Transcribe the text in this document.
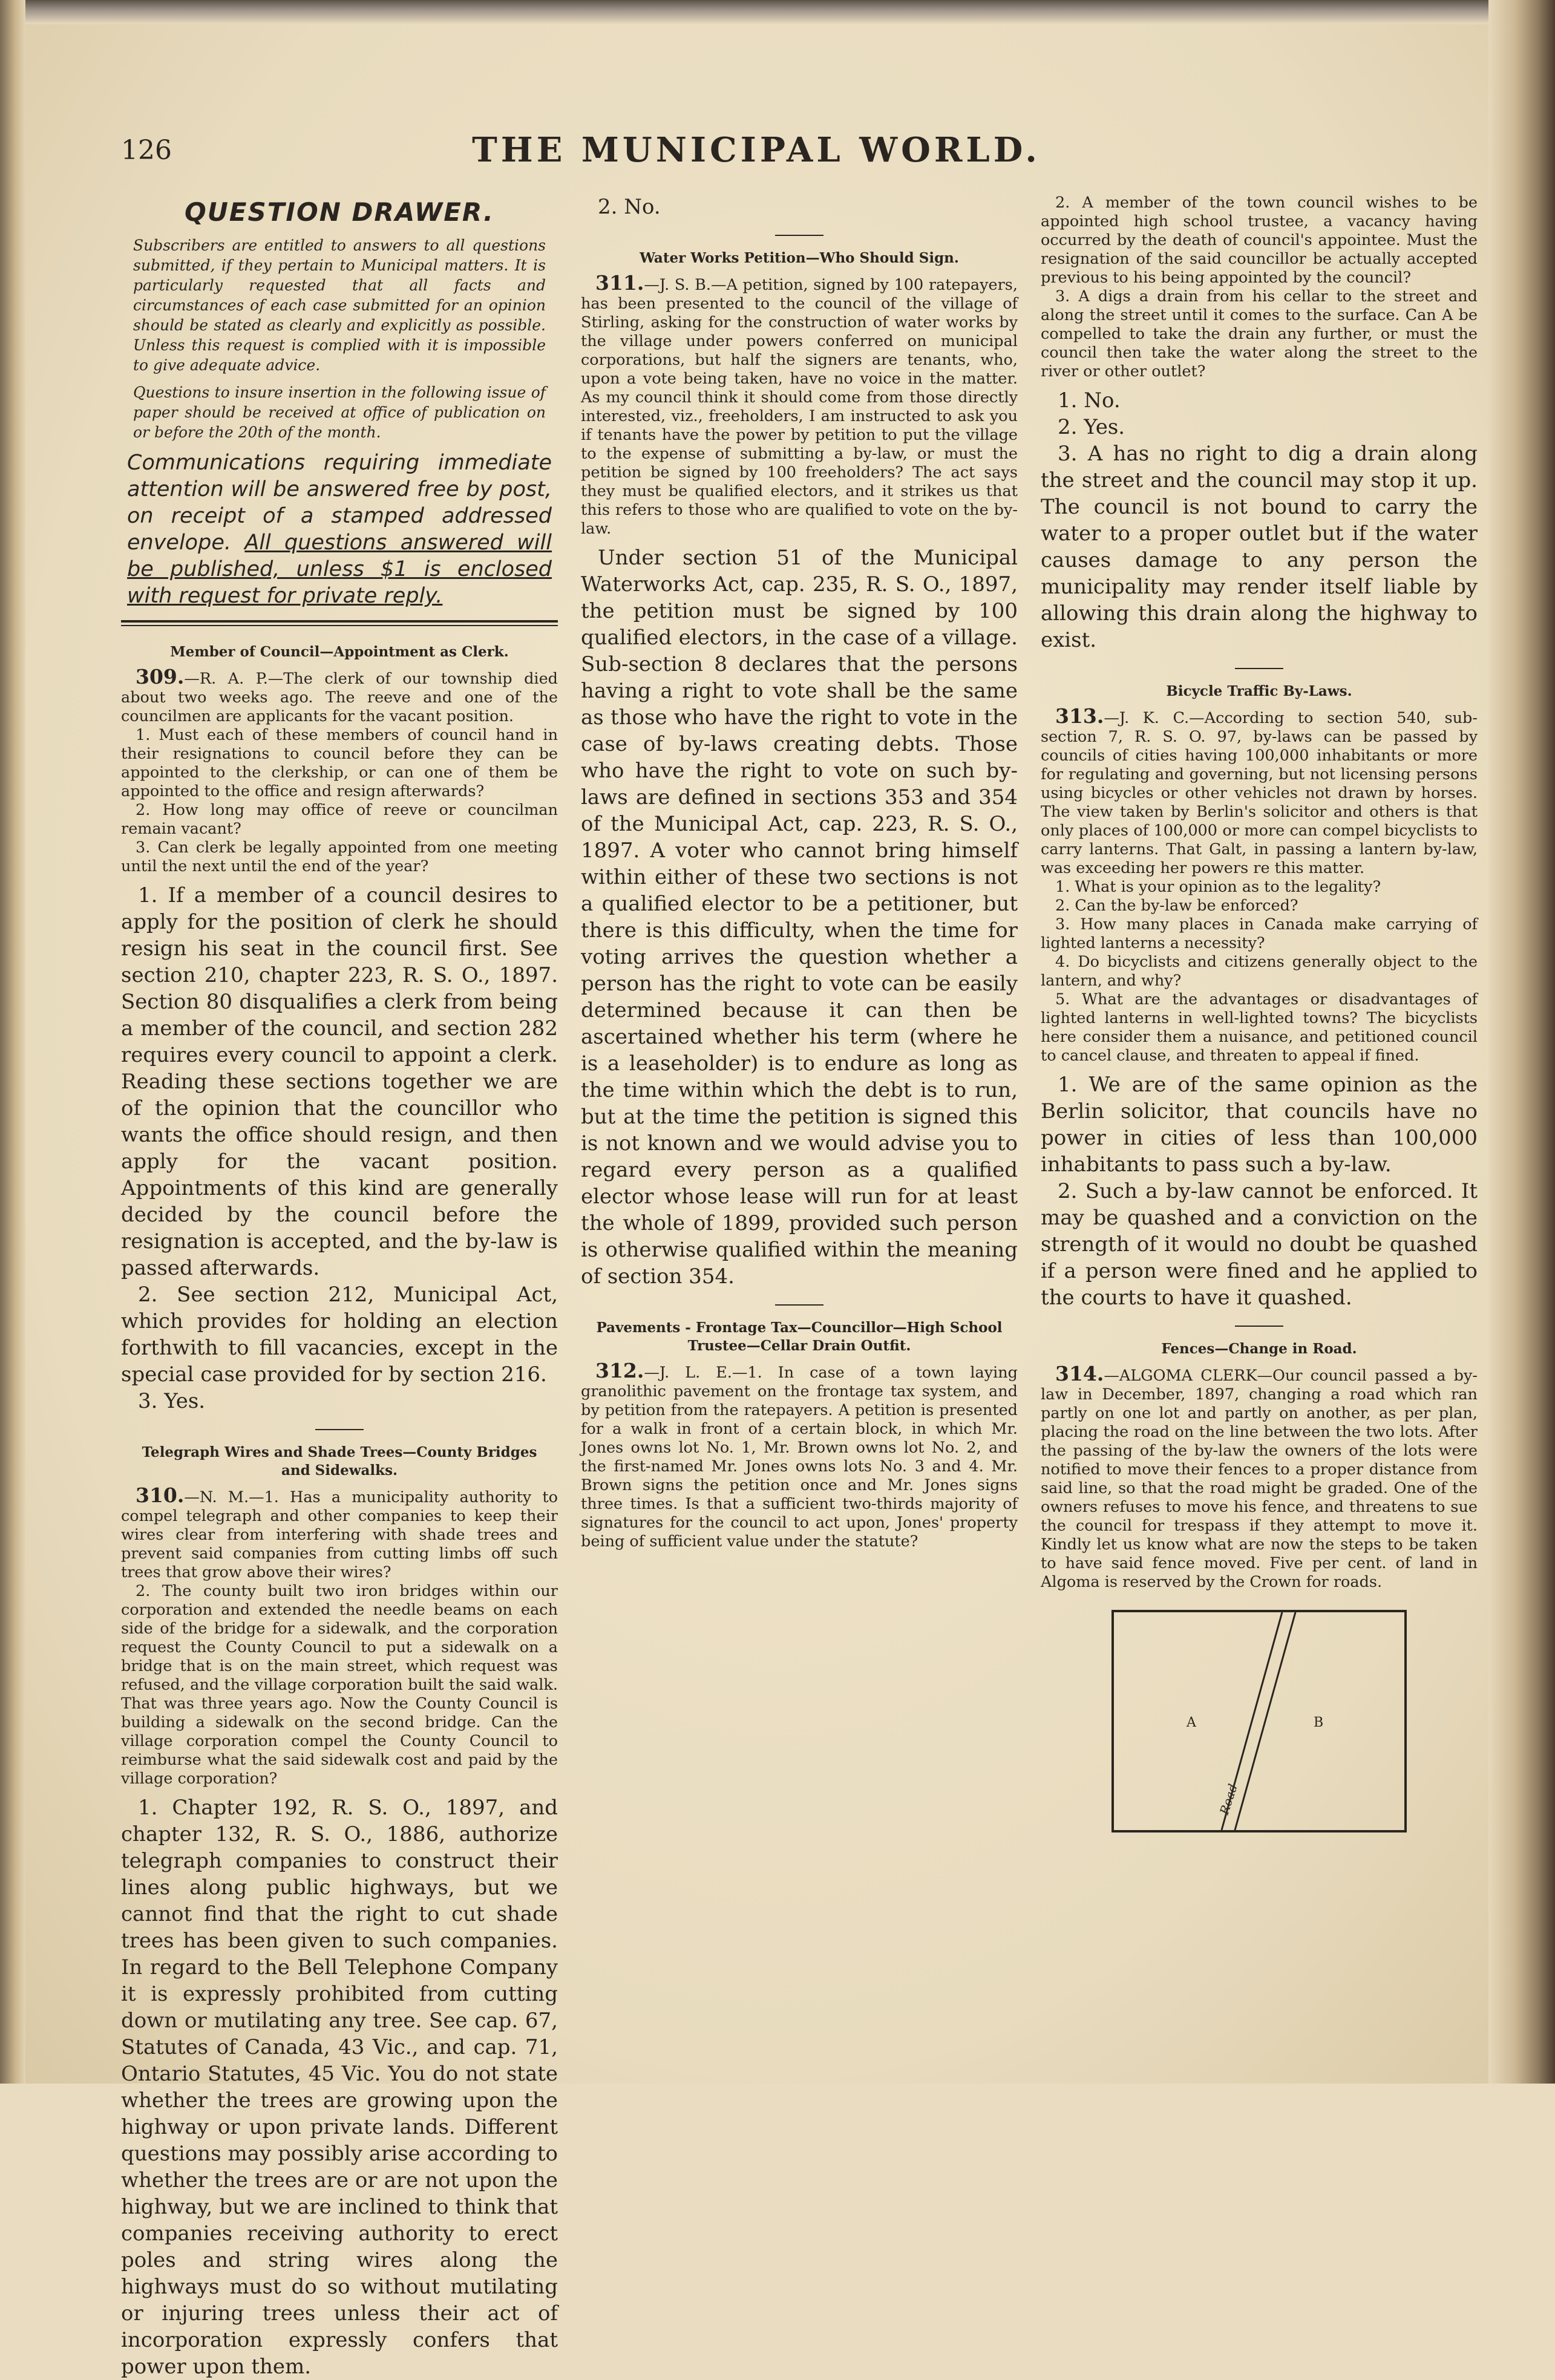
126	THE MUNICIPAL WORLD.
QUESTION DRAWER.

Subscribers are entitled to answers to all questions submitted, if they pertain to Municipal matters. It is particularly requested that all facts and circumstances of each case submitted for an opinion should be stated as clearly and explicitly as possible. Unless this request is complied with it is impossible to give adequate advice.

Questions to insure insertion in the following issue of paper should be received at office of publication on or before the 20th of the month.

Communications requiring immediate attention will be answered free by post, on receipt of a stamped addressed envelope. All questions answered will be published, unless $1 is enclosed with request for private reply.

Member of Council—Appointment as Clerk.

309.—R. A. P.—The clerk of our township died about two weeks ago. The reeve and one of the councilmen are applicants for the vacant position.

1. Must each of these members of council hand in their resignations to council before they can be appointed to the clerkship, or can one of them be appointed to the office and resign afterwards?

2. How long may office of reeve or councilman remain vacant?

3. Can clerk be legally appointed from one meeting until the next until the end of the year?

1. If a member of a council desires to apply for the position of clerk he should resign his seat in the council first. See section 210, chapter 223, R. S. O., 1897. Section 80 disqualifies a clerk from being a member of the council, and section 282 requires every council to appoint a clerk. Reading these sections together we are of the opinion that the councillor who wants the office should resign, and then apply for the vacant position. Appointments of this kind are generally decided by the council before the resignation is accepted, and the by-law is passed afterwards.

2. See section 212, Municipal Act, which provides for holding an election forthwith to fill vacancies, except in the special case provided for by section 216.

3. Yes.

Telegraph Wires and Shade Trees—County Bridges and Sidewalks.

310.—N. M.—1. Has a municipality authority to compel telegraph and other companies to keep their wires clear from interfering with shade trees and prevent said companies from cutting limbs off such trees that grow above their wires?

2. The county built two iron bridges within our corporation and extended the needle beams on each side of the bridge for a sidewalk, and the corporation request the County Council to put a sidewalk on a bridge that is on the main street, which request was refused, and the village corporation built the said walk. That was three years ago. Now the County Council is building a sidewalk on the second bridge. Can the village corporation compel the County Council to reimburse what the said sidewalk cost and paid by the village corporation?

1. Chapter 192, R. S. O., 1897, and chapter 132, R. S. O., 1886, authorize telegraph companies to construct their lines along public highways, but we cannot find that the right to cut shade trees has been given to such companies. In regard to the Bell Telephone Company it is expressly prohibited from cutting down or mutilating any tree. See cap. 67, Statutes of Canada, 43 Vic., and cap. 71, Ontario Statutes, 45 Vic. You do not state whether the trees are growing upon the highway or upon private lands. Different questions may possibly arise according to whether the trees are or are not upon the highway, but we are inclined to think that companies receiving authority to erect poles and string wires along the highways must do so without mutilating or injuring trees unless their act of incorporation expressly confers that power upon them.

2. No.

Water Works Petition—Who Should Sign.

311.—J. S. B.—A petition, signed by 100 ratepayers, has been presented to the council of the village of Stirling, asking for the construction of water works by the village under powers conferred on municipal corporations, but half the signers are tenants, who, upon a vote being taken, have no voice in the matter. As my council think it should come from those directly interested, viz., freeholders, I am instructed to ask you if tenants have the power by petition to put the village to the expense of submitting a by-law, or must the petition be signed by 100 freeholders? The act says they must be qualified electors, and it strikes us that this refers to those who are qualified to vote on the by-law.

Under section 51 of the Municipal Waterworks Act, cap. 235, R. S. O., 1897, the petition must be signed by 100 qualified electors, in the case of a village. Sub-section 8 declares that the persons having a right to vote shall be the same as those who have the right to vote in the case of by-laws creating debts. Those who have the right to vote on such by-laws are defined in sections 353 and 354 of the Municipal Act, cap. 223, R. S. O., 1897. A voter who cannot bring himself within either of these two sections is not a qualified elector to be a petitioner, but there is this difficulty, when the time for voting arrives the question whether a person has the right to vote can be easily determined because it can then be ascertained whether his term (where he is a leaseholder) is to endure as long as the time within which the debt is to run, but at the time the petition is signed this is not known and we would advise you to regard every person as a qualified elector whose lease will run for at least the whole of 1899, provided such person is otherwise qualified within the meaning of section 354.

Pavements - Frontage Tax—Councillor—High School Trustee—Cellar Drain Outfit.

312.—J. L. E.—1. In case of a town laying granolithic pavement on the frontage tax system, and by petition from the ratepayers. A petition is presented for a walk in front of a certain block, in which Mr. Jones owns lot No. 1, Mr. Brown owns lot No. 2, and the first-named Mr. Jones owns lots No. 3 and 4. Mr. Brown signs the petition once and Mr. Jones signs three times. Is that a sufficient two-thirds majority of signatures for the council to act upon, Jones' property being of sufficient value under the statute?

2. A member of the town council wishes to be appointed high school trustee, a vacancy having occurred by the death of council's appointee. Must the resignation of the said councillor be actually accepted previous to his being appointed by the council?

3. A digs a drain from his cellar to the street and along the street until it comes to the surface. Can A be compelled to take the drain any further, or must the council then take the water along the street to the river or other outlet?

1. No.

2. Yes.

3. A has no right to dig a drain along the street and the council may stop it up. The council is not bound to carry the water to a proper outlet but if the water causes damage to any person the municipality may render itself liable by allowing this drain along the highway to exist.

Bicycle Traffic By-Laws.

313.—J. K. C.—According to section 540, sub-section 7, R. S. O. 97, by-laws can be passed by councils of cities having 100,000 inhabitants or more for regulating and governing, but not licensing persons using bicycles or other vehicles not drawn by horses. The view taken by Berlin's solicitor and others is that only places of 100,000 or more can compel bicyclists to carry lanterns. That Galt, in passing a lantern by-law, was exceeding her powers re this matter.

1. What is your opinion as to the legality?

2. Can the by-law be enforced?

3. How many places in Canada make carrying of lighted lanterns a necessity?

4. Do bicyclists and citizens generally object to the lantern, and why?

5. What are the advantages or disadvantages of lighted lanterns in well-lighted towns? The bicyclists here consider them a nuisance, and petitioned council to cancel clause, and threaten to appeal if fined.

1. We are of the same opinion as the Berlin solicitor, that councils have no power in cities of less than 100,000 inhabitants to pass such a by-law.

2. Such a by-law cannot be enforced. It may be quashed and a conviction on the strength of it would no doubt be quashed if a person were fined and he applied to the courts to have it quashed.

Fences—Change in Road.

314.—ALGOMA CLERK—Our council passed a by-law in December, 1897, changing a road which ran partly on one lot and partly on another, as per plan, placing the road on the line between the two lots. After the passing of the by-law the owners of the lots were notified to move their fences to a proper distance from said line, so that the road might be graded. One of the owners refuses to move his fence, and threatens to sue the council for trespass if they attempt to move it. Kindly let us know what are now the steps to be taken to have said fence moved. Five per cent. of land in Algoma is reserved by the Crown for roads.

A	B
Road
